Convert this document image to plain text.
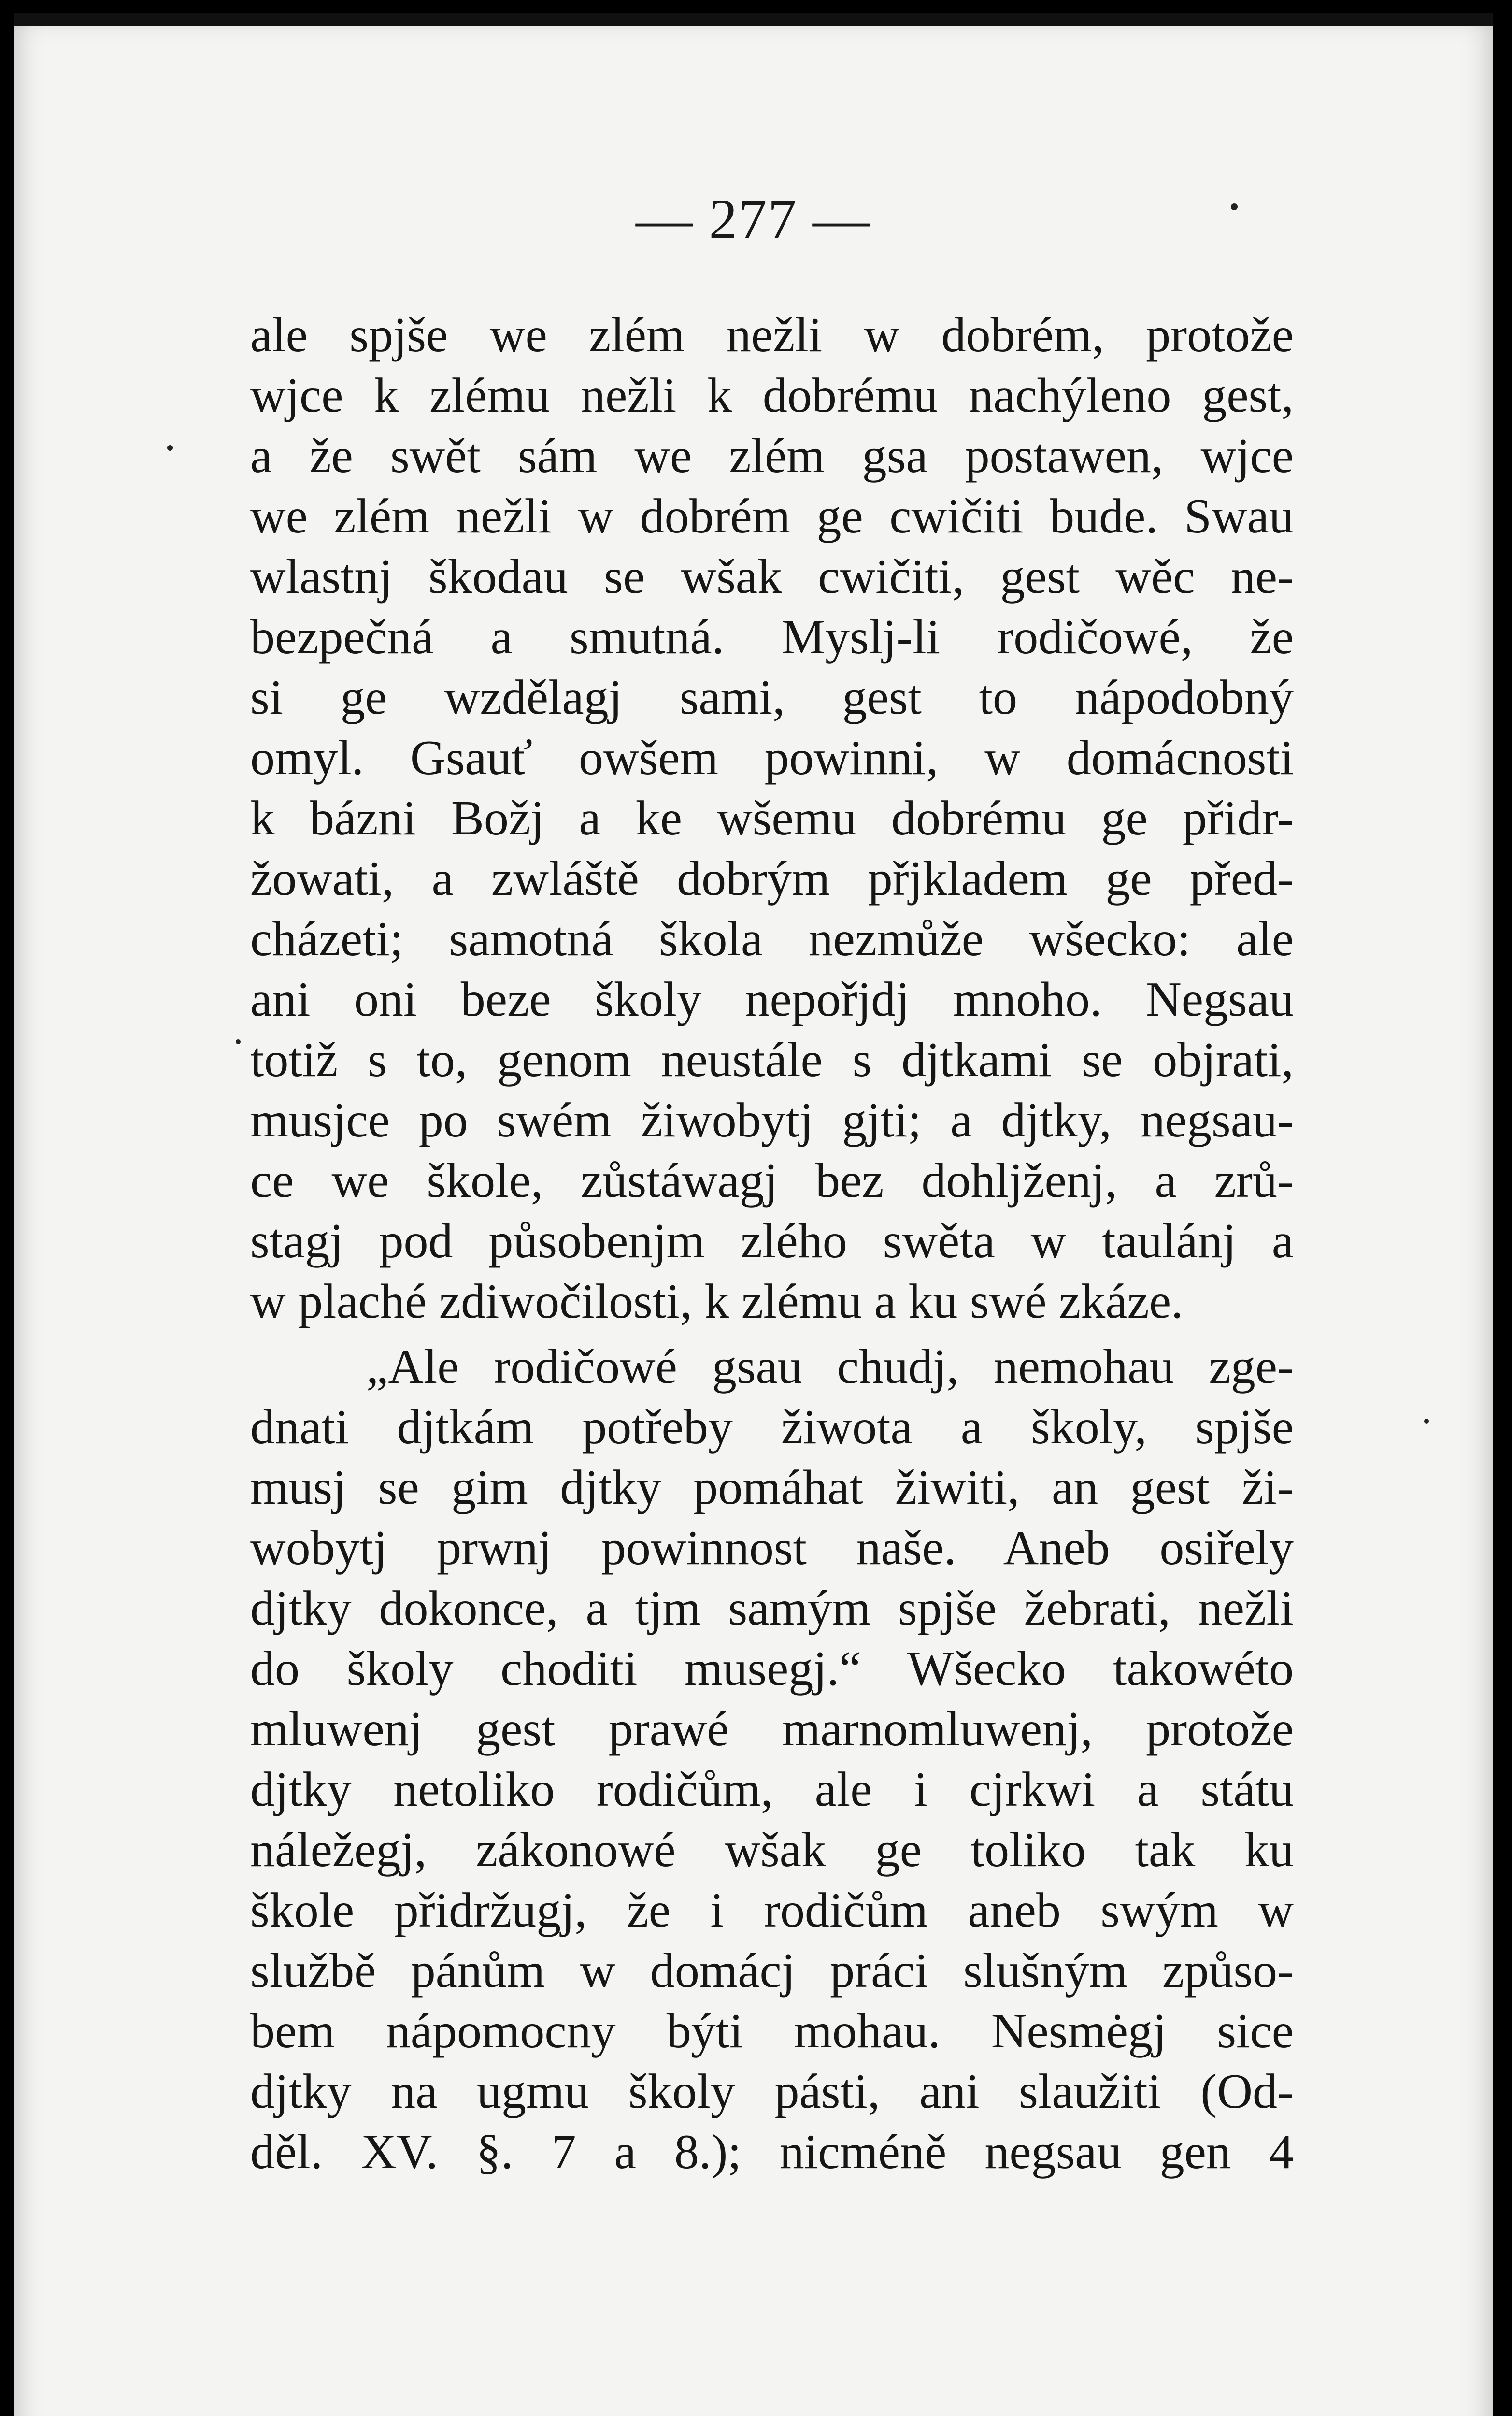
— 277 —
ale spjše we zlém nežli w dobrém, protože
wjce k zlému nežli k dobrému nachýleno gest,
a že swět sám we zlém gsa postawen, wjce
we zlém nežli w dobrém ge cwičiti bude. Swau
wlastnj škodau se wšak cwičiti, gest wěc ne-
bezpečná a smutná. Myslj-li rodičowé, že
si ge wzdělagj sami, gest to nápodobný
omyl. Gsauť owšem powinni, w domácnosti
k bázni Božj a ke wšemu dobrému ge přidr-
žowati, a zwláště dobrým přjkladem ge před-
cházeti; samotná škola nezmůže wšecko: ale
ani oni beze školy nepořjdj mnoho. Negsau
totiž s to, genom neustále s djtkami se obјrati,
musjce po swém žiwobytj gjti; a djtky, negsau-
ce we škole, zůstáwagj bez dohljženj, a zrů-
stagj pod působenjm zlého swěta w taulánj a
w plaché zdiwočilosti, k zlému a ku swé zkáze.
„Ale rodičowé gsau chudj, nemohau zge-
dnati djtkám potřeby žiwota a školy, spjše
musj se gim djtky pomáhat žiwiti, an gest ži-
wobytj prwnj powinnost naše. Aneb osiřely
djtky dokonce, a tjm samým spjše žebrati, nežli
do školy choditi musegj.“ Wšecko takowéto
mluwenj gest prawé marnomluwenj, protože
djtky netoliko rodičům, ale i cjrkwi a státu
náležegj, zákonowé wšak ge toliko tak ku
škole přidržugj, že i rodičům aneb swým w
službě pánům w domácj práci slušným způso-
bem nápomocny býti mohau. Nesmėgj sice
djtky na ugmu školy pásti, ani slaužiti (Od-
děl. XV. §. 7 a 8.); nicméně negsau gen 4
